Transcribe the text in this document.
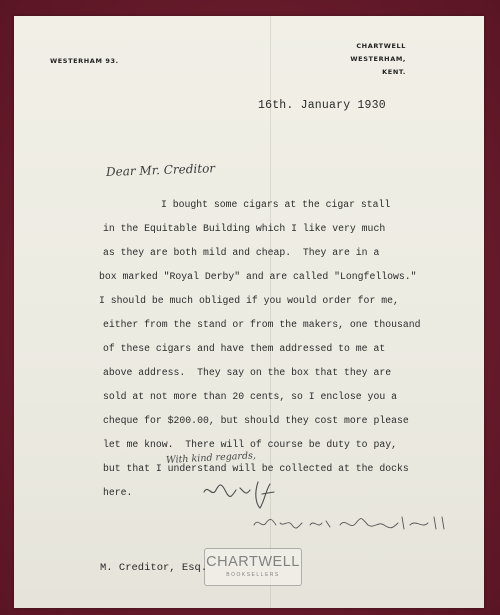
WESTERHAM 93.
CHARTWELL
WESTERHAM,
KENT.
16th. January 1930
Dear Mr. Creditor
I bought some cigars at the cigar stall
in the Equitable Building which I like very much
as they are both mild and cheap.  They are in a
box marked "Royal Derby" and are called "Longfellows."
I should be much obliged if you would order for me,
either from the stand or from the makers, one thousand
of these cigars and have them addressed to me at
above address.  They say on the box that they are
sold at not more than 20 cents, so I enclose you a
cheque for $200.00, but should they cost more please
let me know.  There will of course be duty to pay,
but that I understand will be collected at the docks
here.
With kind regards,
CHARTWELL
BOOKSELLERS
M. Creditor, Esq.
